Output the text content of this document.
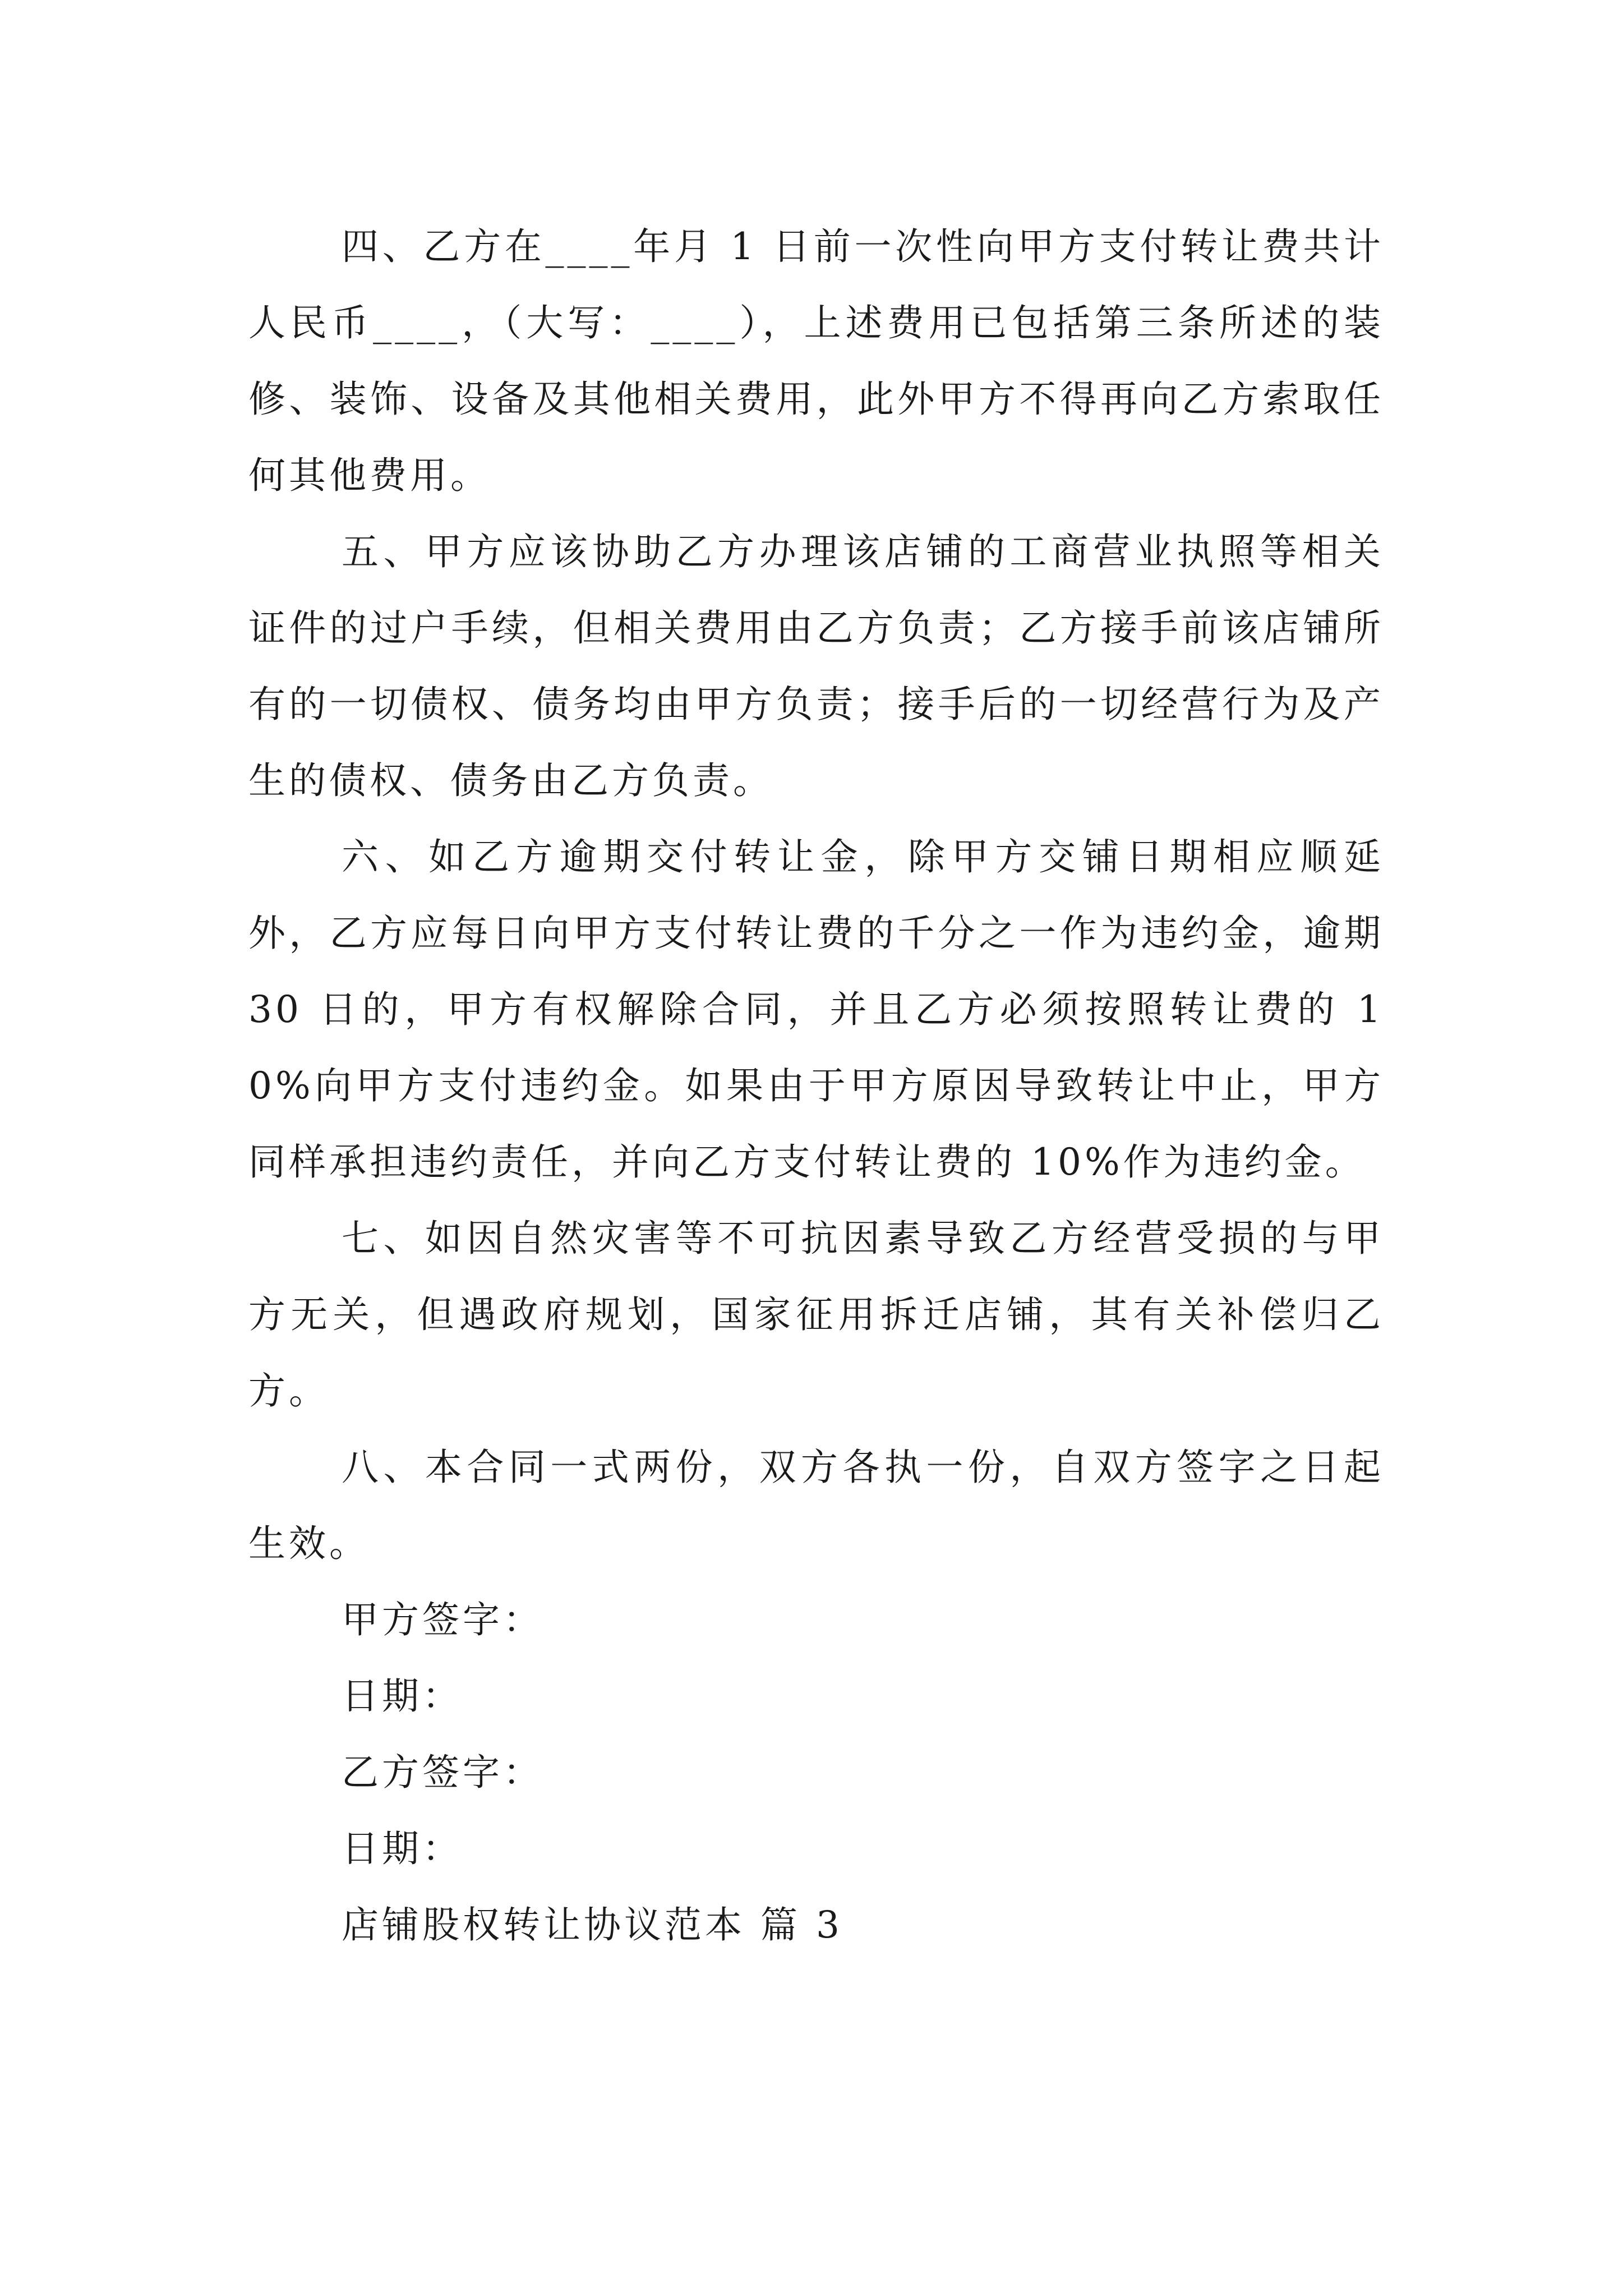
四、乙方在____年月 1 日前一次性向甲方支付转让费共计人民币____，（大写：____），上述费用已包括第三条所述的装修、装饰、设备及其他相关费用，此外甲方不得再向乙方索取任何其他费用。

五、甲方应该协助乙方办理该店铺的工商营业执照等相关证件的过户手续，但相关费用由乙方负责；乙方接手前该店铺所有的一切债权、债务均由甲方负责；接手后的一切经营行为及产生的债权、债务由乙方负责。

六、如乙方逾期交付转让金，除甲方交铺日期相应顺延外，乙方应每日向甲方支付转让费的千分之一作为违约金，逾期 30 日的，甲方有权解除合同，并且乙方必须按照转让费的 10%向甲方支付违约金。如果由于甲方原因导致转让中止，甲方同样承担违约责任，并向乙方支付转让费的 10%作为违约金。

七、如因自然灾害等不可抗因素导致乙方经营受损的与甲方无关，但遇政府规划，国家征用拆迁店铺，其有关补偿归乙方。

八、本合同一式两份，双方各执一份，自双方签字之日起生效。

甲方签字：

日期：

乙方签字：

日期：

店铺股权转让协议范本 篇 3
